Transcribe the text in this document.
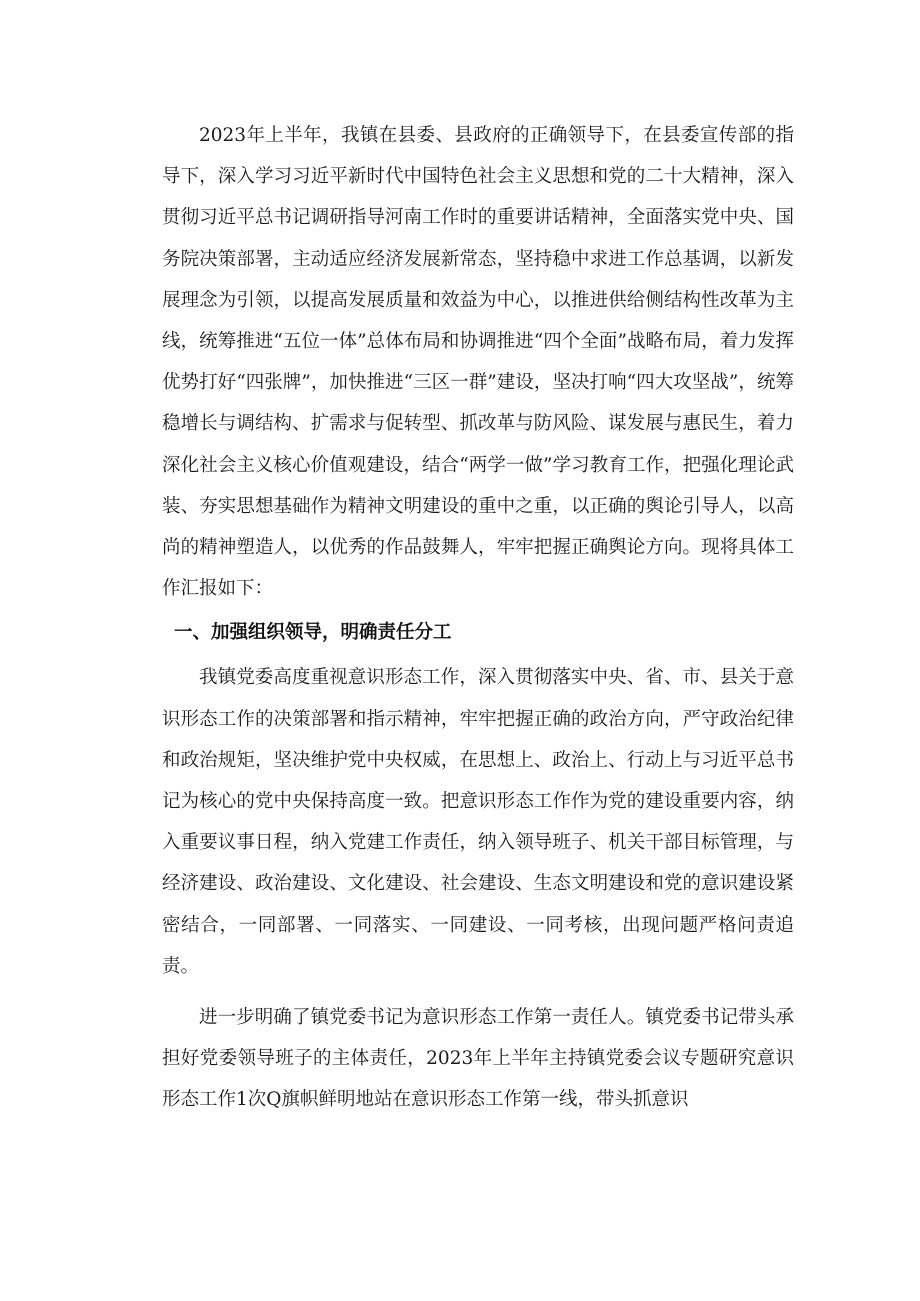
2023年上半年，我镇在县委、县政府的正确领导下，在县委宣传部的指导下，深入学习习近平新时代中国特色社会主义思想和党的二十大精神，深入贯彻习近平总书记调研指导河南工作时的重要讲话精神，全面落实党中央、国务院决策部署，主动适应经济发展新常态，坚持稳中求进工作总基调，以新发展理念为引领，以提高发展质量和效益为中心，以推进供给侧结构性改革为主线，统筹推进“五位一体”总体布局和协调推进“四个全面”战略布局，着力发挥优势打好“四张牌”，加快推进“三区一群”建设，坚决打响“四大攻坚战”，统筹稳增长与调结构、扩需求与促转型、抓改革与防风险、谋发展与惠民生，着力深化社会主义核心价值观建设，结合“两学一做”学习教育工作，把强化理论武装、夯实思想基础作为精神文明建设的重中之重，以正确的舆论引导人，以高尚的精神塑造人，以优秀的作品鼓舞人，牢牢把握正确舆论方向。现将具体工作汇报如下：

一、加强组织领导，明确责任分工

我镇党委高度重视意识形态工作，深入贯彻落实中央、省、市、县关于意识形态工作的决策部署和指示精神，牢牢把握正确的政治方向，严守政治纪律和政治规矩，坚决维护党中央权威，在思想上、政治上、行动上与习近平总书记为核心的党中央保持高度一致。把意识形态工作作为党的建设重要内容，纳入重要议事日程，纳入党建工作责任，纳入领导班子、机关干部目标管理，与经济建设、政治建设、文化建设、社会建设、生态文明建设和党的意识建设紧密结合，一同部署、一同落实、一同建设、一同考核，出现问题严格问责追责。

进一步明确了镇党委书记为意识形态工作第一责任人。镇党委书记带头承担好党委领导班子的主体责任，2023年上半年主持镇党委会议专题研究意识形态工作1次Q旗帜鲜明地站在意识形态工作第一线，带头抓意识
